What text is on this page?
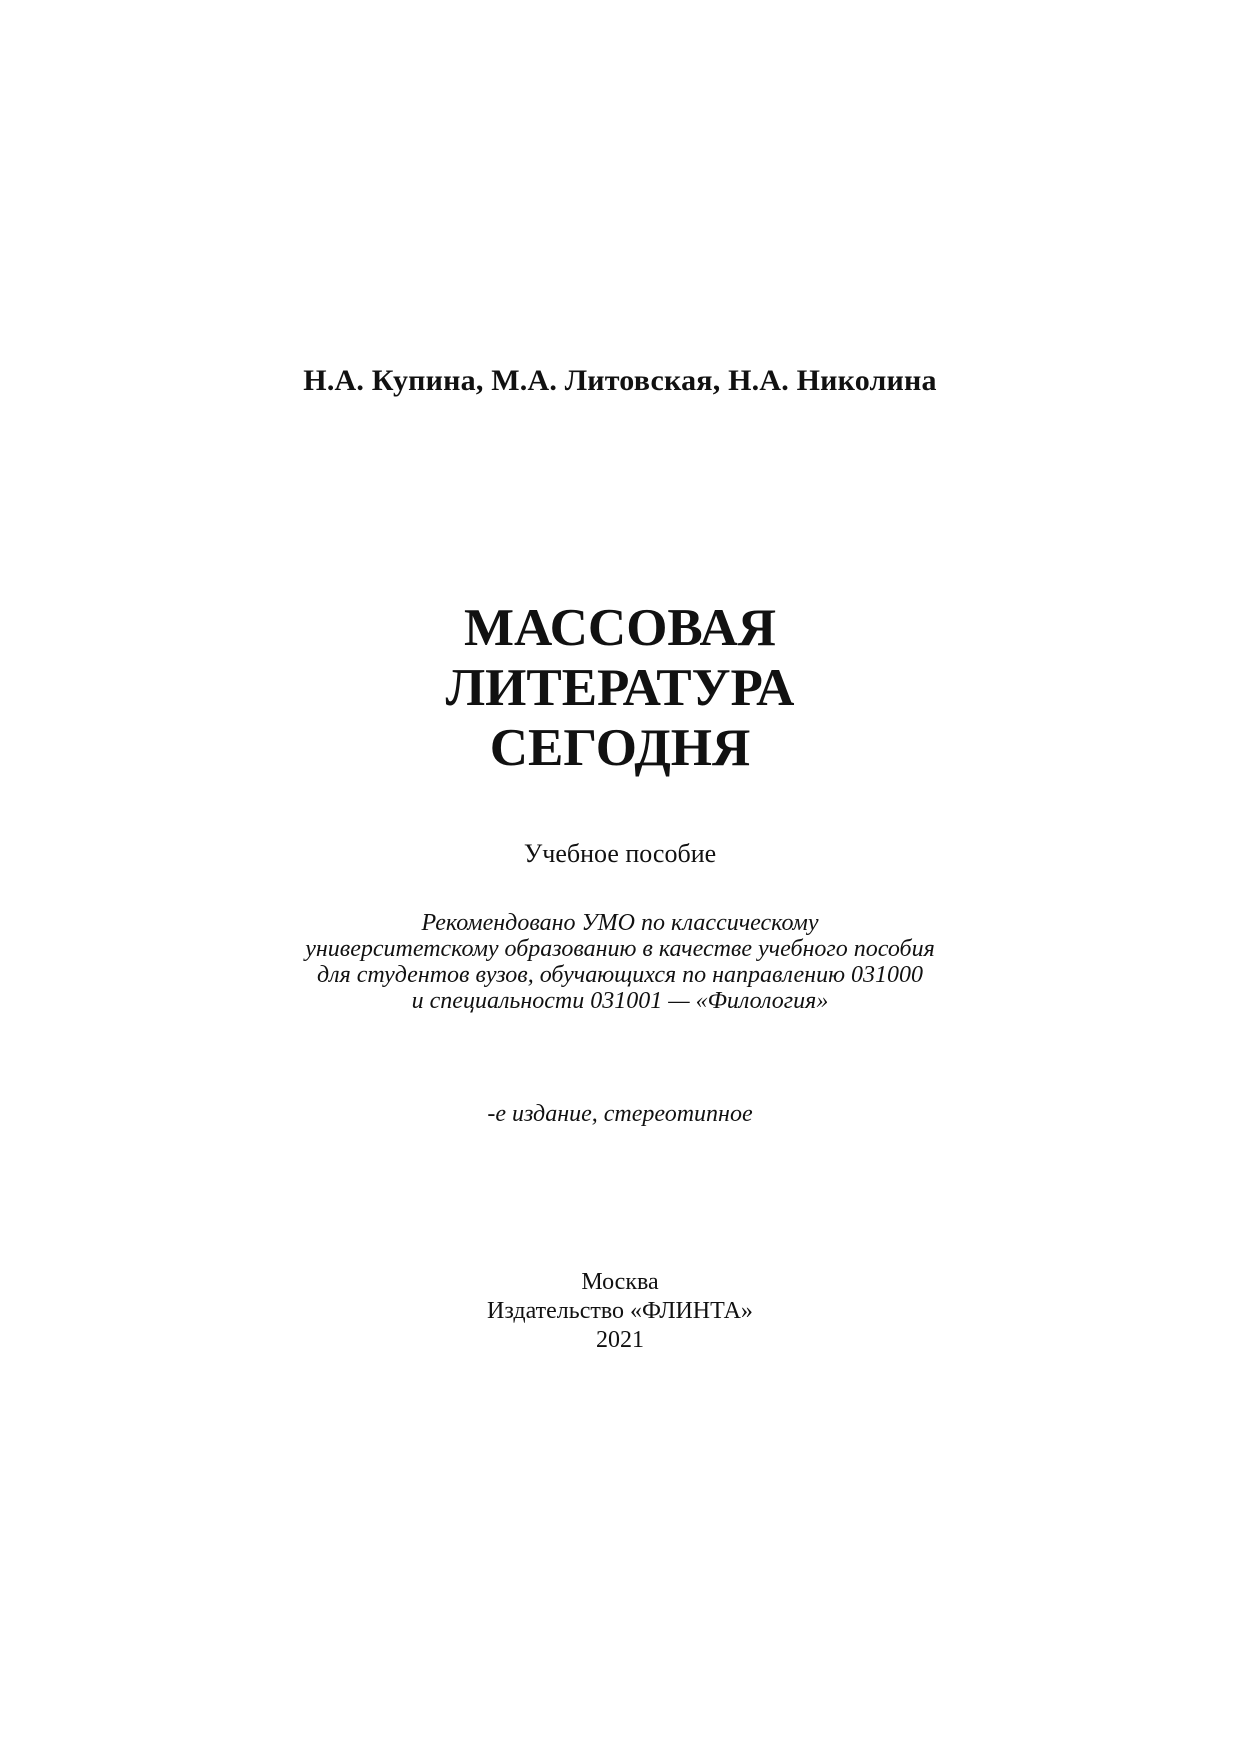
Н.А. Купина, М.А. Литовская, Н.А. Николина
МАССОВАЯ
ЛИТЕРАТУРА
СЕГОДНЯ
Учебное пособие
Рекомендовано УМО по классическому
университетскому образованию в качестве учебного пособия
для студентов вузов, обучающихся по направлению 031000
и специальности 031001 — «Филология»
-е издание, стереотипное
Москва
Издательство «ФЛИНТА»
2021
